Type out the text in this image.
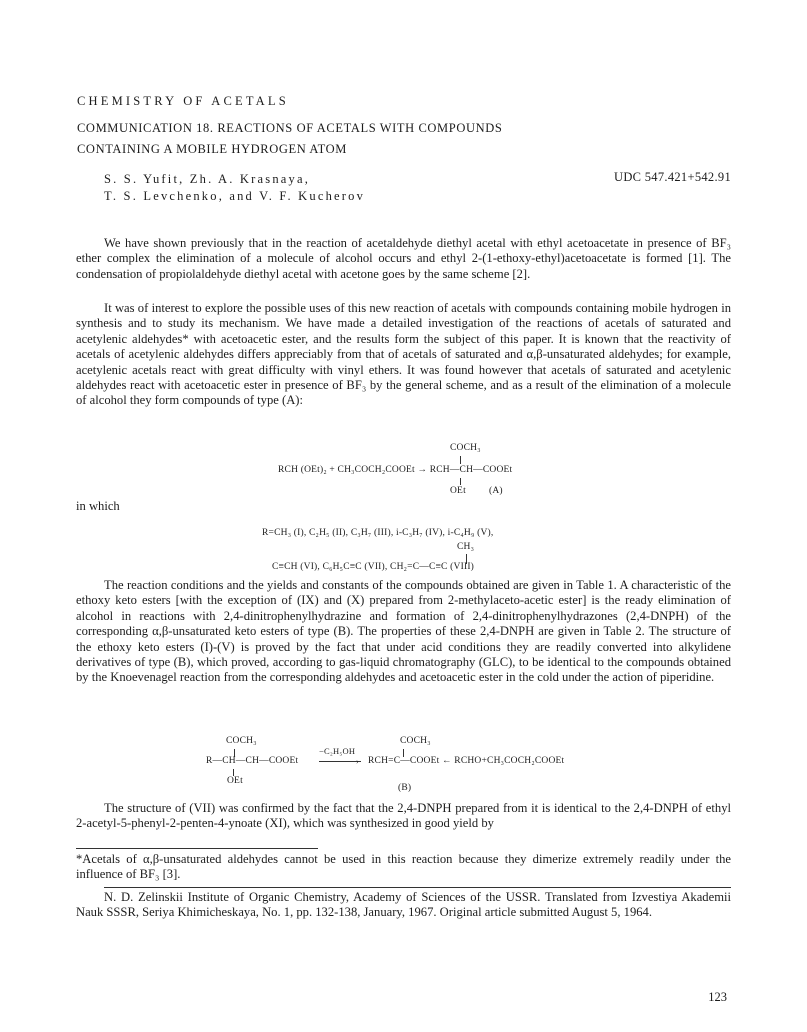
CHEMISTRY OF ACETALS
COMMUNICATION 18. REACTIONS OF ACETALS WITH COMPOUNDS
CONTAINING A MOBILE HYDROGEN ATOM
S. S. Yufit, Zh. A. Krasnaya,
T. S. Levchenko, and V. F. Kucherov
UDC 547.421+542.91

We have shown previously that in the reaction of acetaldehyde diethyl acetal with ethyl acetoacetate in presence of BF₃ ether complex the elimination of a molecule of alcohol occurs and ethyl 2-(1-ethoxy-ethyl)acetoacetate is formed [1]. The condensation of propiolaldehyde diethyl acetal with acetone goes by the same scheme [2].

It was of interest to explore the possible uses of this new reaction of acetals with compounds containing mobile hydrogen in synthesis and to study its mechanism. We have made a detailed investigation of the reactions of acetals of saturated and acetylenic aldehydes* with acetoacetic ester, and the results form the subject of this paper. It is known that the reactivity of acetals of acetylenic aldehydes differs appreciably from that of acetals of saturated and α,β-unsaturated aldehydes; for example, acetylenic acetals react with great difficulty with vinyl ethers. It was found however that acetals of saturated and acetylenic aldehydes react with acetoacetic ester in presence of BF₃ by the general scheme, and as a result of the elimination of a molecule of alcohol they form compounds of type (A):

COCH₃
RCH (OEt)₂ + CH₃COCH₂COOEt → RCH—CH—COOEt
OEt (A)
in which
R=CH₃ (I), C₂H₅ (II), C₃H₇ (III), i-C₃H₇ (IV), i-C₄H₉ (V),
CH₃
C≡CH (VI), C₆H₅C≡C (VII), CH₂=C—C≡C (VIII)

The reaction conditions and the yields and constants of the compounds obtained are given in Table 1. A characteristic of the ethoxy keto esters [with the exception of (IX) and (X) prepared from 2-methylaceto-acetic ester] is the ready elimination of alcohol in reactions with 2,4-dinitrophenylhydrazine and formation of 2,4-dinitrophenylhydrazones (2,4-DNPH) of the corresponding α,β-unsaturated keto esters of type (B). The properties of these 2,4-DNPH are given in Table 2. The structure of the ethoxy keto esters (I)-(V) is proved by the fact that under acid conditions they are readily converted into alkylidene derivatives of type (B), which proved, according to gas-liquid chromatography (GLC), to be identical to the compounds obtained by the Knoevenagel reaction from the corresponding aldehydes and acetoacetic ester in the cold under the action of piperidine.

COCH₃	COCH₃
R—CH—CH—COOEt
−C₂H₅OH
› RCH=C—COOEt ← RCHO+CH₃COCH₂COOEt
OEt
(B)

The structure of (VII) was confirmed by the fact that the 2,4-DNPH prepared from it is identical to the 2,4-DNPH of ethyl 2-acetyl-5-phenyl-2-penten-4-ynoate (XI), which was synthesized in good yield by

*Acetals of α,β-unsaturated aldehydes cannot be used in this reaction because they dimerize extremely readily under the influence of BF₃ [3].
N. D. Zelinskii Institute of Organic Chemistry, Academy of Sciences of the USSR. Translated from Izvestiya Akademii Nauk SSSR, Seriya Khimicheskaya, No. 1, pp. 132-138, January, 1967. Original article submitted August 5, 1964.
123
